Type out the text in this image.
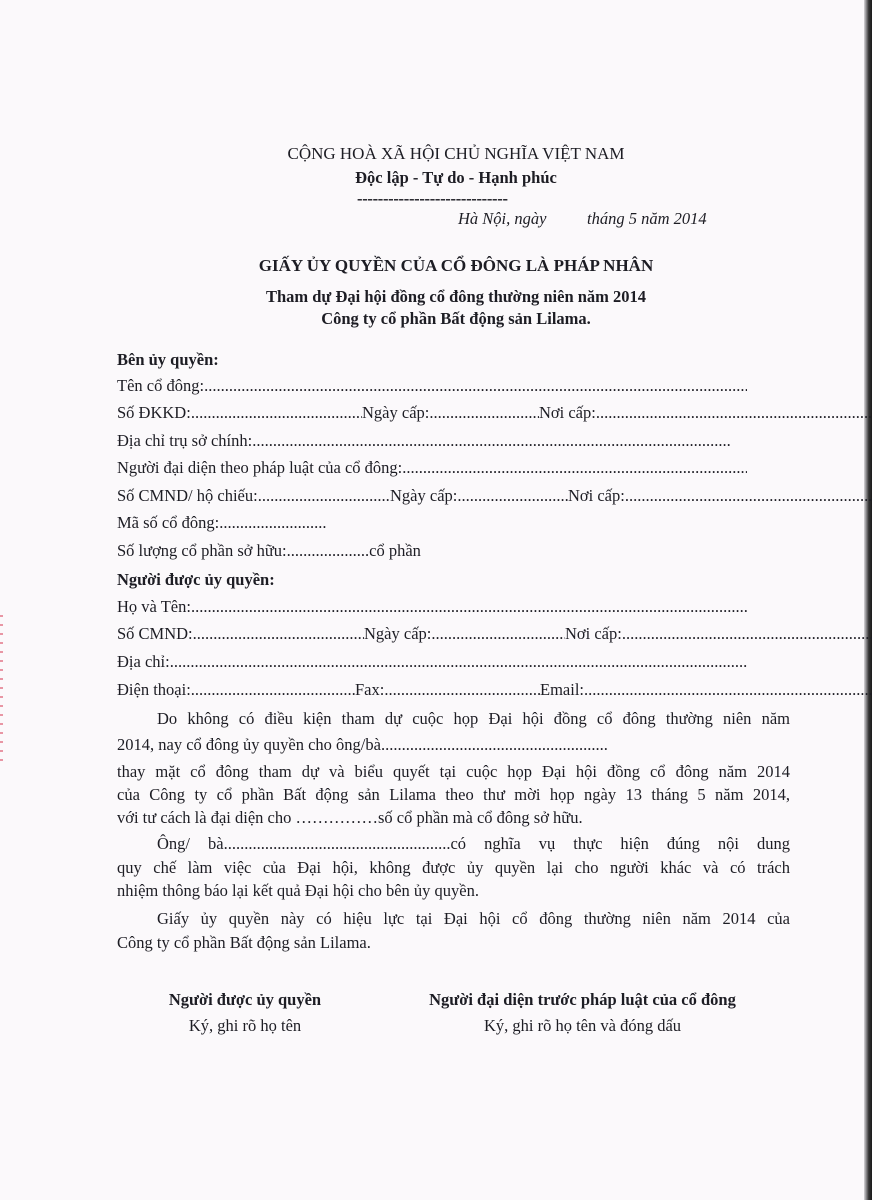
CỘNG HOÀ XÃ HỘI CHỦ NGHĨA VIỆT NAM
Độc lập - Tự do - Hạnh phúc
-----------------------------
Hà Nội, ngày tháng 5 năm 2014
GIẤY ỦY QUYỀN CỦA CỔ ĐÔNG LÀ PHÁP NHÂN
Tham dự Đại hội đồng cổ đông thường niên năm 2014
Công ty cổ phần Bất động sản Lilama.
Bên ủy quyền:
Tên cổ đông:
.....
Số ĐKKD: .....	Ngày cấp: .....	Nơi cấp:
.....
Địa chỉ trụ sở chính:
.....
Người đại diện theo pháp luật của cổ đông:
.....
Số CMND/ hộ chiếu: .....	Ngày cấp: .....	Nơi cấp:
.....
Mã số cổ đông:..........................
Số lượng cổ phần sở hữu:....................cổ phần
Người được ủy quyền:
Họ và Tên:
.....
Số CMND: .....	Ngày cấp: .....	Nơi cấp:
.....
Địa chỉ:
.....
Điện thoại: .....	Fax: .....	Email:
.....
Do không có điều kiện tham dự cuộc họp Đại hội đồng cổ đông thường niên năm
2014, nay cổ đông ủy quyền cho ông/bà.......................................................
thay mặt cổ đông tham dự và biểu quyết tại cuộc họp Đại hội đồng cổ đông năm 2014
của Công ty cổ phần Bất động sản Lilama theo thư mời họp ngày 13 tháng 5 năm 2014,
với tư cách là đại diện cho ……………số cổ phần mà cổ đông sở hữu.
Ông/ bà.......................................................có nghĩa vụ thực hiện đúng nội dung
quy chế làm việc của Đại hội, không được ủy quyền lại cho người khác và có trách
nhiệm thông báo lại kết quả Đại hội cho bên ủy quyền.
Giấy ủy quyền này có hiệu lực tại Đại hội cổ đông thường niên năm 2014 của
Công ty cổ phần Bất động sản Lilama.
Người được ủy quyền
Ký, ghi rõ họ tên
Người đại diện trước pháp luật của cổ đông
Ký, ghi rõ họ tên và đóng dấu
